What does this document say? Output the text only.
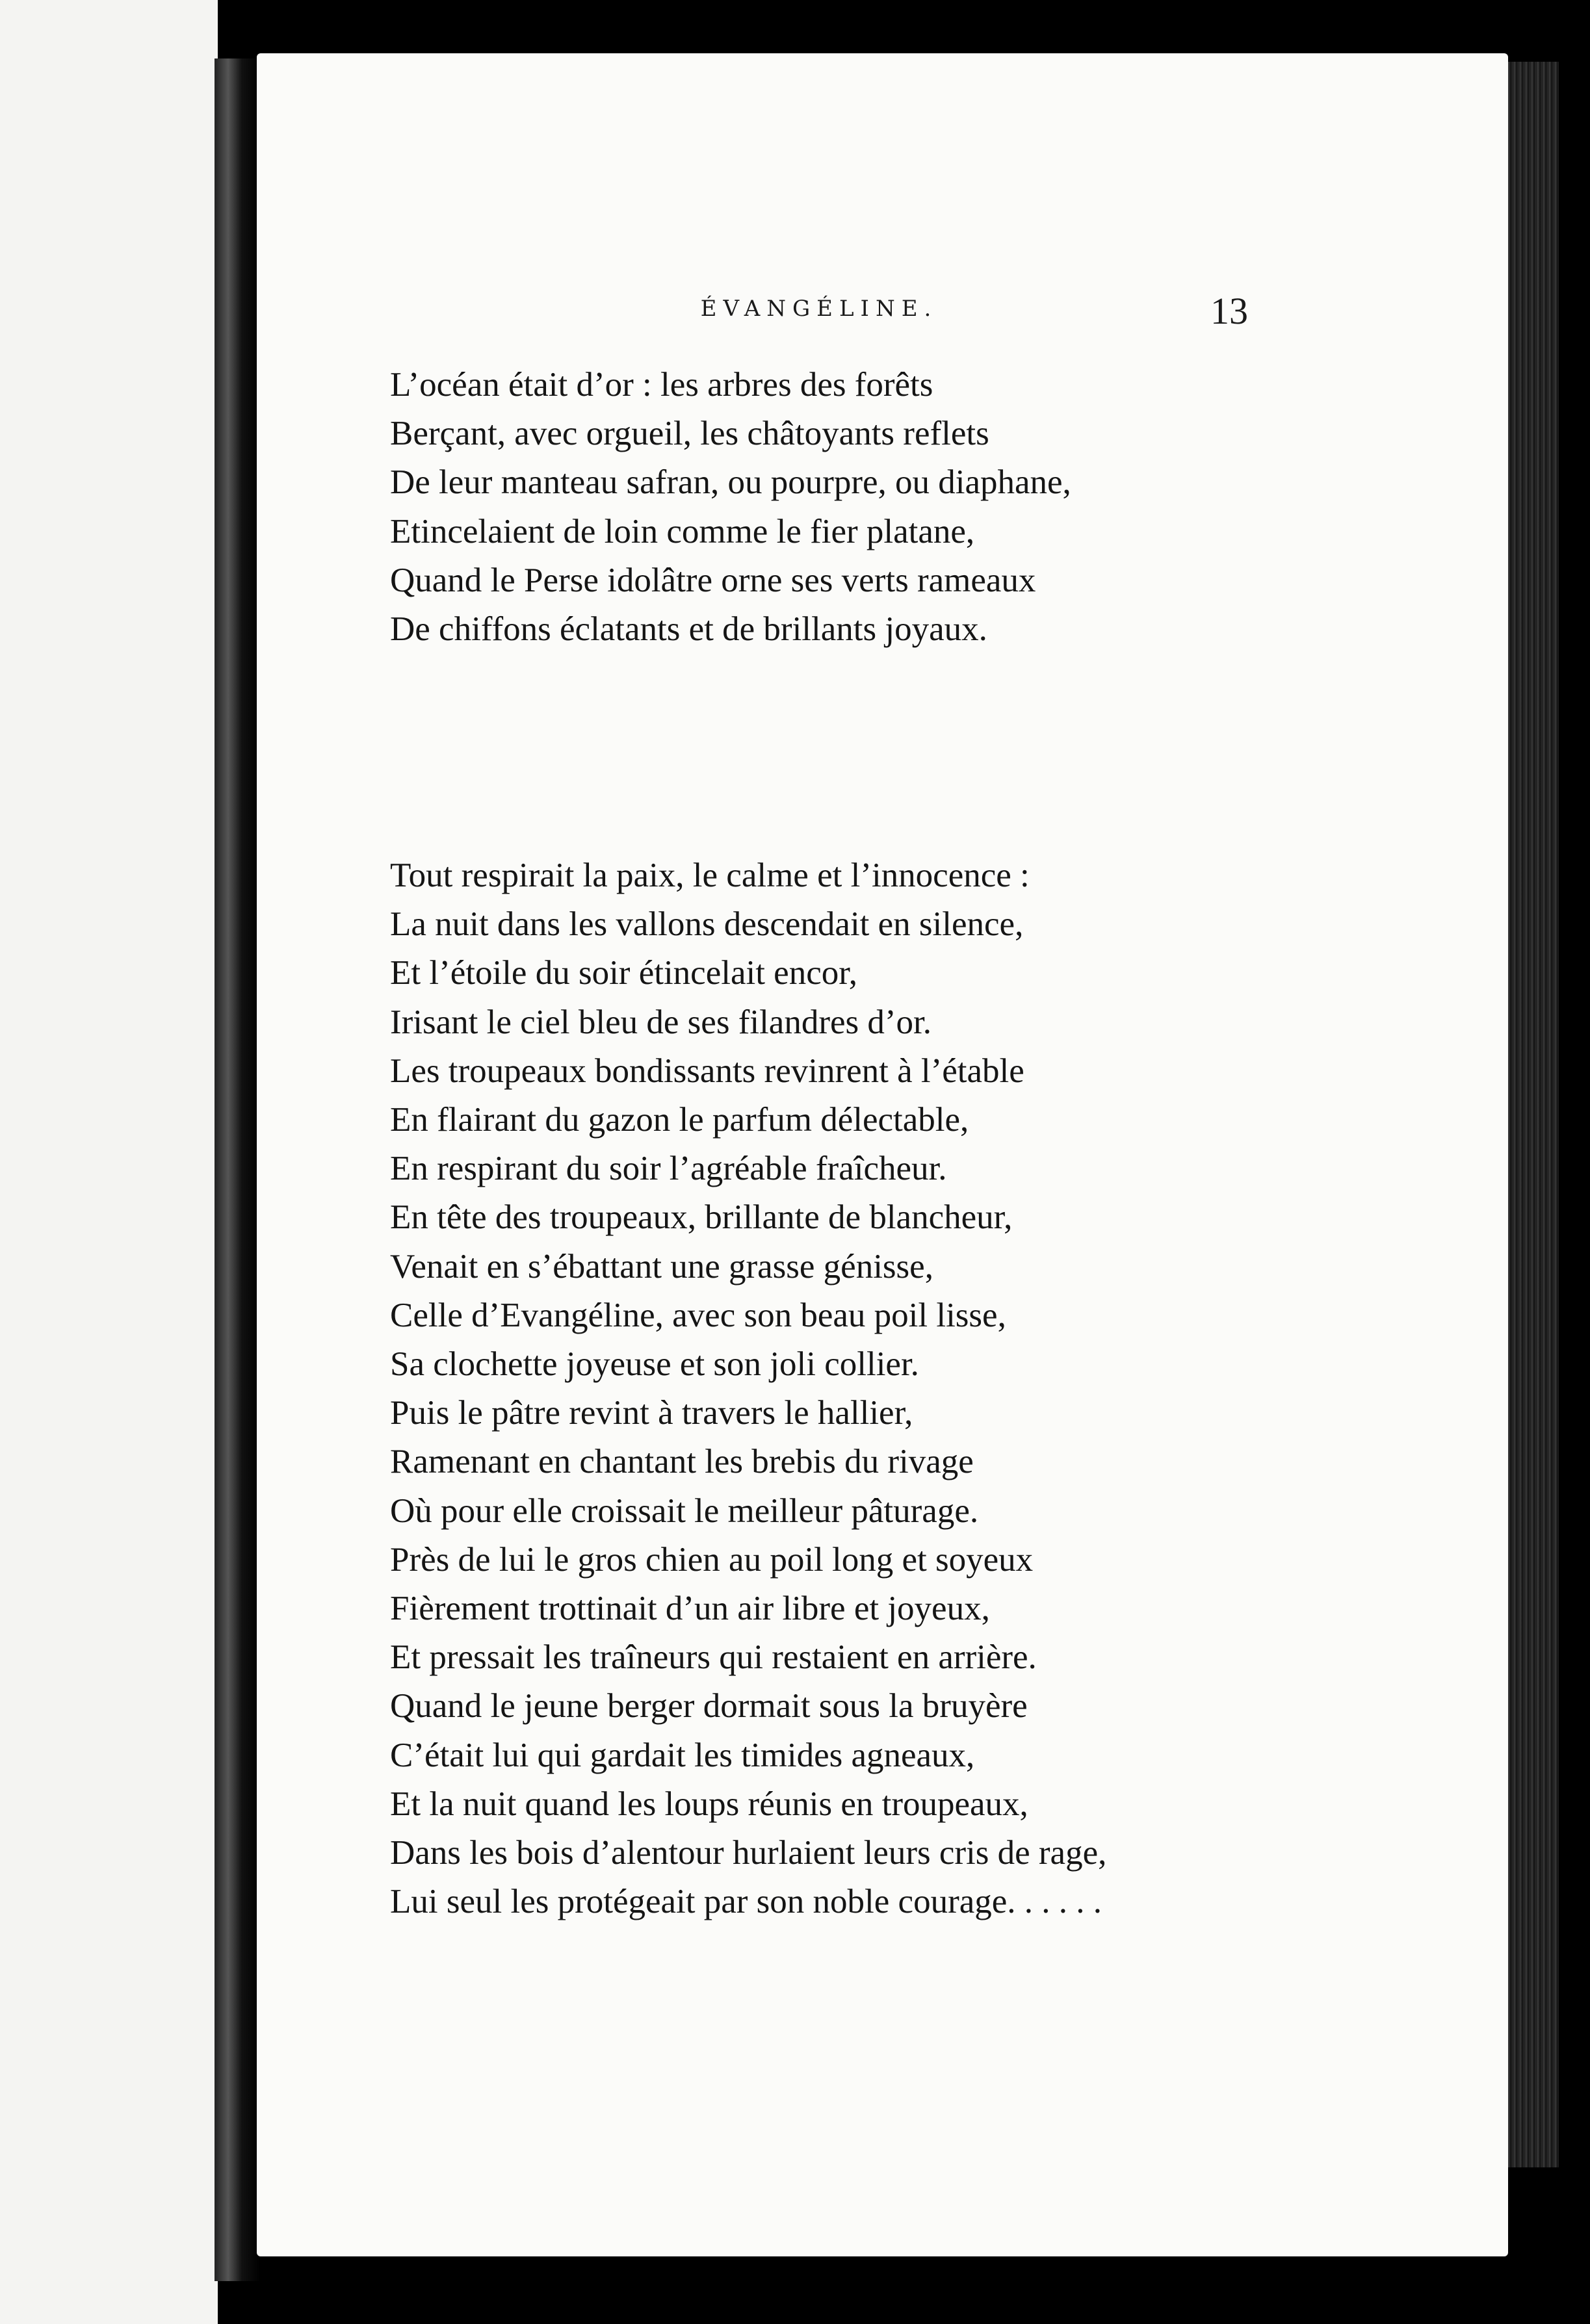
ÉVANGÉLINE.	13
L’océan était d’or : les arbres des forêts
Berçant, avec orgueil, les châtoyants reflets
De leur manteau safran, ou pourpre, ou diaphane,
Etincelaient de loin comme le fier platane,
Quand le Perse idolâtre orne ses verts rameaux
De chiffons éclatants et de brillants joyaux.
Tout respirait la paix, le calme et l’innocence :
La nuit dans les vallons descendait en silence,
Et l’étoile du soir étincelait encor,
Irisant le ciel bleu de ses filandres d’or.
Les troupeaux bondissants revinrent à l’étable
En flairant du gazon le parfum délectable,
En respirant du soir l’agréable fraîcheur.
En tête des troupeaux, brillante de blancheur,
Venait en s’ébattant une grasse génisse,
Celle d’Evangéline, avec son beau poil lisse,
Sa clochette joyeuse et son joli collier.
Puis le pâtre revint à travers le hallier,
Ramenant en chantant les brebis du rivage
Où pour elle croissait le meilleur pâturage.
Près de lui le gros chien au poil long et soyeux
Fièrement trottinait d’un air libre et joyeux,
Et pressait les traîneurs qui restaient en arrière.
Quand le jeune berger dormait sous la bruyère
C’était lui qui gardait les timides agneaux,
Et la nuit quand les loups réunis en troupeaux,
Dans les bois d’alentour hurlaient leurs cris de rage,
Lui seul les protégeait par son noble courage. . . . . .
